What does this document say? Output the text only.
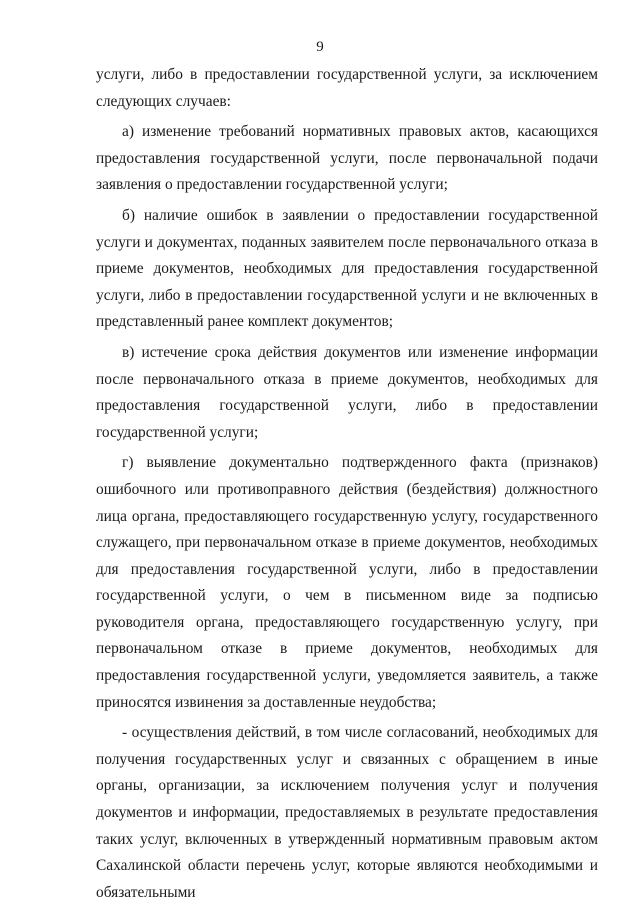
9

услуги, либо в предоставлении государственной услуги, за исключением следующих случаев:

а) изменение требований нормативных правовых актов, касающихся предоставления государственной услуги, после первоначальной подачи заявления о предоставлении государственной услуги;

б) наличие ошибок в заявлении о предоставлении государственной услуги и документах, поданных заявителем после первоначального отказа в приеме документов, необходимых для предоставления государственной услуги, либо в предоставлении государственной услуги и не включенных в представленный ранее комплект документов;

в) истечение срока действия документов или изменение информации после первоначального отказа в приеме документов, необходимых для предоставления государственной услуги, либо в предоставлении государственной услуги;

г) выявление документально подтвержденного факта (признаков) ошибочного или противоправного действия (бездействия) должностного лица органа, предоставляющего государственную услугу, государственного служащего, при первоначальном отказе в приеме документов, необходимых для предоставления государственной услуги, либо в предоставлении государственной услуги, о чем в письменном виде за подписью руководителя органа, предоставляющего государственную услугу, при первоначальном отказе в приеме документов, необходимых для предоставления государственной услуги, уведомляется заявитель, а также приносятся извинения за доставленные неудобства;

- осуществления действий, в том числе согласований, необходимых для получения государственных услуг и связанных с обращением в иные органы, организации, за исключением получения услуг и получения документов и информации, предоставляемых в результате предоставления таких услуг, включенных в утвержденный нормативным правовым актом Сахалинской области перечень услуг, которые являются необходимыми и обязательными
